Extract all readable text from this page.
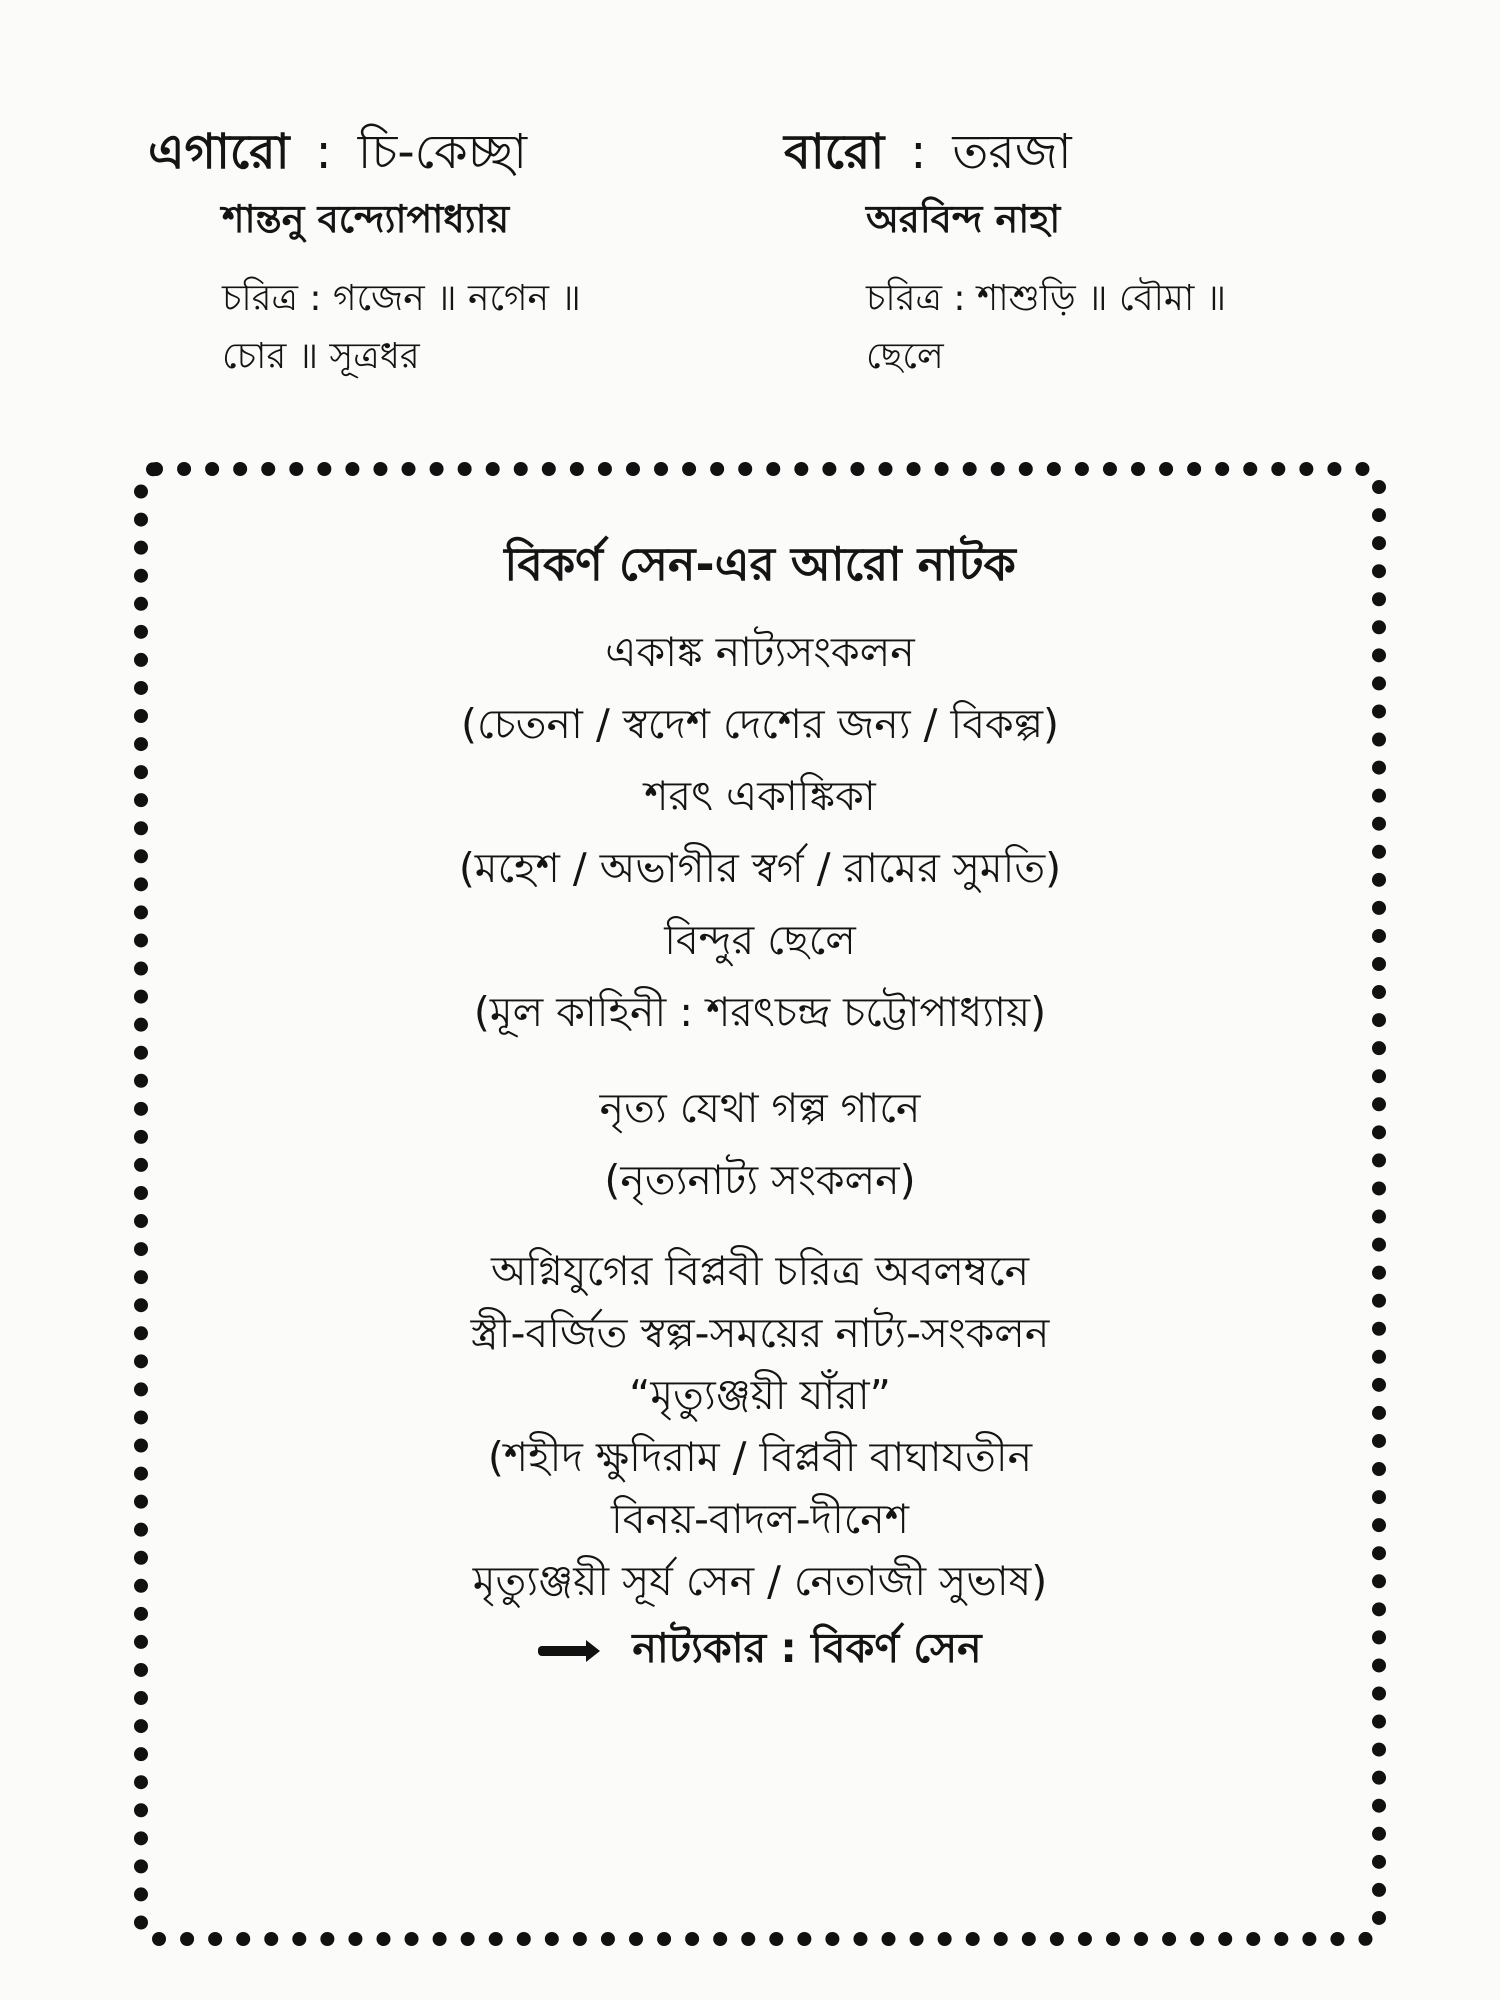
এগারো : চি-কেচ্ছা
শান্তনু বন্দ্যোপাধ্যায়
চরিত্র : গজেন ॥ নগেন ॥
চোর ॥ সূত্রধর
বারো : তরজা
অরবিন্দ নাহা
চরিত্র : শাশুড়ি ॥ বৌমা ॥
ছেলে

বিকর্ণ সেন-এর আরো নাটক

একাঙ্ক নাট্যসংকলন

(চেতনা / স্বদেশ দেশের জন্য / বিকল্প)

শরৎ একাঙ্কিকা

(মহেশ / অভাগীর স্বর্গ / রামের সুমতি)

বিন্দুর ছেলে

(মূল কাহিনী : শরৎচন্দ্র চট্টোপাধ্যায়)

নৃত্য যেথা গল্প গানে

(নৃত্যনাট্য সংকলন)

অগ্নিযুগের বিপ্লবী চরিত্র অবলম্বনে

স্ত্রী-বর্জিত স্বল্প-সময়ের নাট্য-সংকলন

“মৃত্যুঞ্জয়ী যাঁরা”

(শহীদ ক্ষুদিরাম / বিপ্লবী বাঘাযতীন

বিনয়-বাদল-দীনেশ

মৃত্যুঞ্জয়ী সূর্য সেন / নেতাজী সুভাষ)

নাট্যকার : বিকর্ণ সেন
